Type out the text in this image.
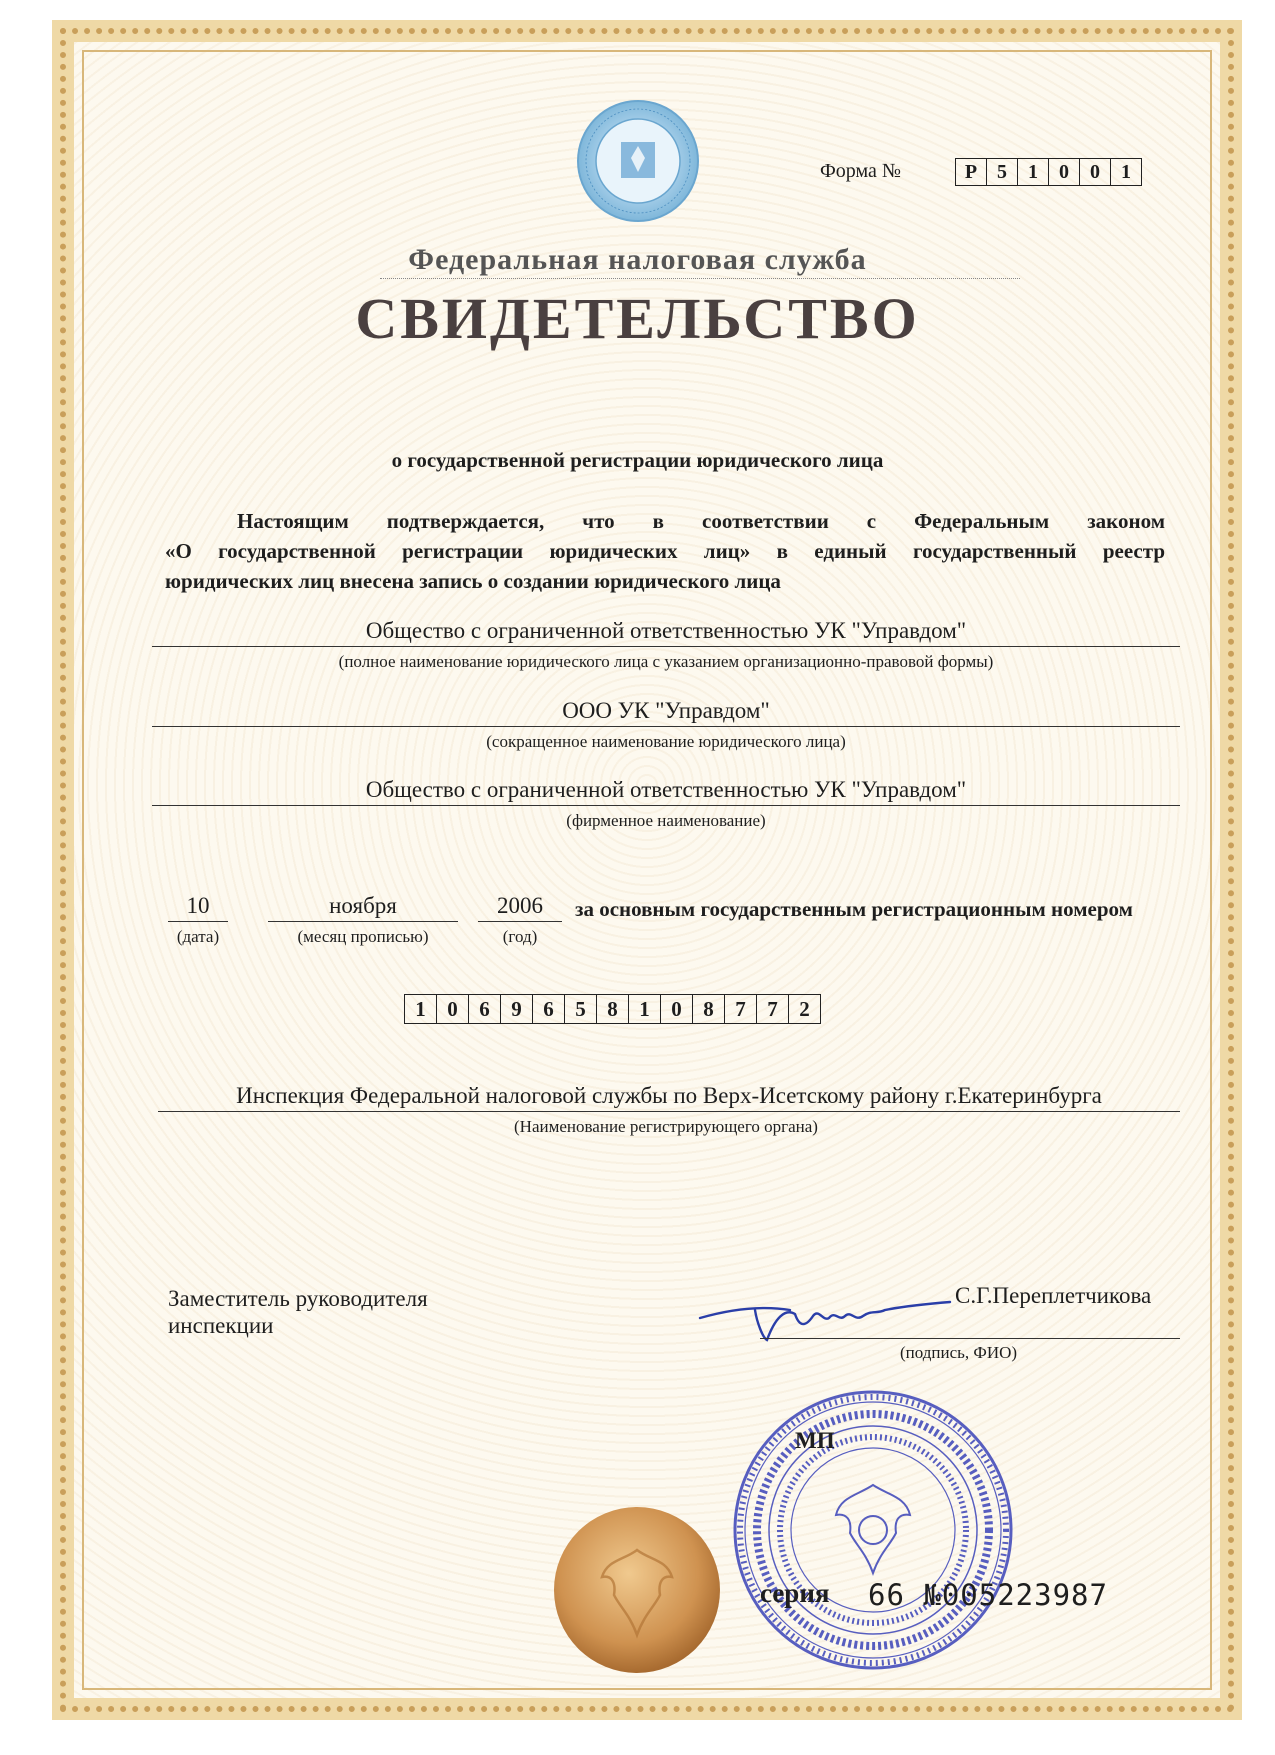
Форма №	Р 5	1	0	0	1
Федеральная налоговая служба
СВИДЕТЕЛЬСТВО
о государственной регистрации юридического лица
Настоящим подтверждается, что в соответствии с Федеральным законом
«О государственной регистрации юридических лиц» в единый государственный реестр
юридических лиц внесена запись о создании юридического лица
Общество с ограниченной ответственностью УК "Управдом"
(полное наименование юридического лица с указанием организационно-правовой формы)
ООО УК "Управдом"
(сокращенное наименование юридического лица)
Общество с ограниченной ответственностью УК "Управдом"
(фирменное наименование)
10
(дата)
ноября
(месяц прописью)
2006
(год)
за основным государственным регистрационным номером
1	0	6	9	6	5	8	1	0	8	7	7	2
Инспекция Федеральной налоговой службы по Верх-Исетскому району г.Екатеринбурга
(Наименование регистрирующего органа)
Заместитель руководителя
инспекции
С.Г.Переплетчикова
(подпись, ФИО)
МП
серия 66 №005223987
